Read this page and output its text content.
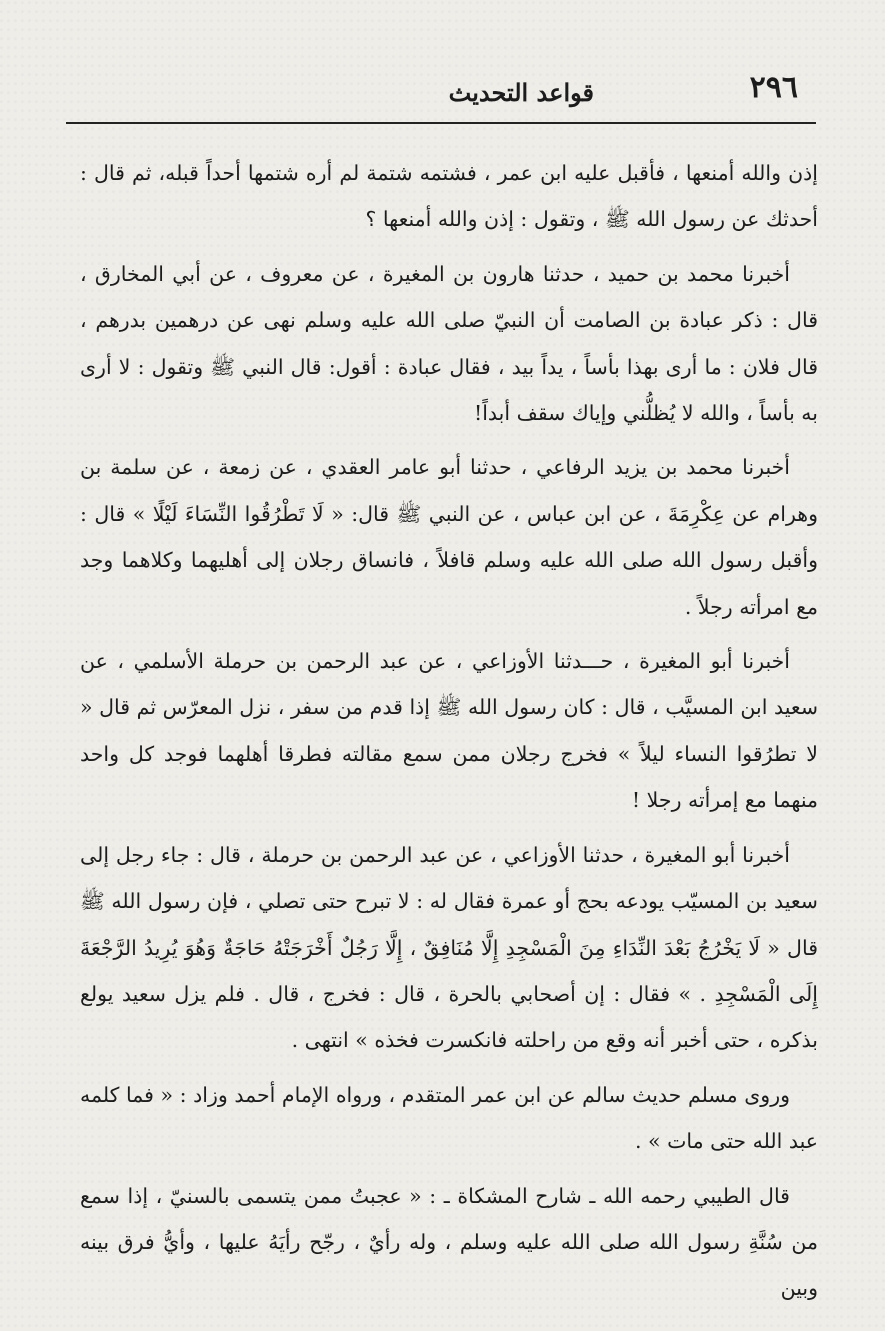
٢٩٦
قواعد التحديث

إذن والله أمنعها ، فأقبل عليه ابن عمر ، فشتمه شتمة لم أره شتمها أحداً قبله، ثم قال : أحدثك عن رسول الله ﷺ ، وتقول : إذن والله أمنعها ؟

أخبرنا محمد بن حميد ، حدثنا هارون بن المغيرة ، عن معروف ، عن أبي المخارق ، قال : ذكر عبادة بن الصامت أن النبيّ صلى الله عليه وسلم نهى عن درهمين بدرهم ، قال فلان : ما أرى بهذا بأساً ، يداً بيد ، فقال عبادة : أقول: قال النبي ﷺ وتقول : لا أرى به بأساً ، والله لا يُظلُّني وإياك سقف أبداً!

أخبرنا محمد بن يزيد الرفاعي ، حدثنا أبو عامر العقدي ، عن زمعة ، عن سلمة بن وهرام عن عِكْرِمَةَ ، عن ابن عباس ، عن النبي ﷺ قال: « لَا تَطْرُقُوا النِّسَاءَ لَيْلًا » قال : وأقبل رسول الله صلى الله عليه وسلم قافلاً ، فانساق رجلان إلى أهليهما وكلاهما وجد مع امرأته رجلاً .

أخبرنا أبو المغيرة ، حـــدثنا الأوزاعي ، عن عبد الرحمن بن حرملة الأسلمي ، عن سعيد ابن المسيَّب ، قال : كان رسول الله ﷺ إذا قدم من سفر ، نزل المعرّس ثم قال « لا تطرُقوا النساء ليلاً » فخرج رجلان ممن سمع مقالته فطرقا أهلهما فوجد كل واحد منهما مع إمرأته رجلا !

أخبرنا أبو المغيرة ، حدثنا الأوزاعي ، عن عبد الرحمن بن حرملة ، قال : جاء رجل إلى سعيد بن المسيّب يودعه بحج أو عمرة فقال له : لا تبرح حتى تصلي ، فإن رسول الله ﷺ قال « لَا يَخْرُجُ بَعْدَ النِّدَاءِ مِنَ الْمَسْجِدِ إِلَّا مُنَافِقٌ ، إِلَّا رَجُلٌ أَخْرَجَتْهُ حَاجَةٌ وَهُوَ يُرِيدُ الرَّجْعَةَ إِلَى الْمَسْجِدِ . » فقال : إن أصحابي بالحرة ، قال : فخرج ، قال . فلم يزل سعيد يولع بذكره ، حتى أخبر أنه وقع من راحلته فانكسرت فخذه » انتهى .

وروى مسلم حديث سالم عن ابن عمر المتقدم ، ورواه الإمام أحمد وزاد : « فما كلمه عبد الله حتى مات » .

قال الطيبي رحمه الله ـ شارح المشكاة ـ : « عجبتُ ممن يتسمى بالسنيّ ، إذا سمع من سُنَّةِ رسول الله صلى الله عليه وسلم ، وله رأيٌ ، رجّح رأيَهُ عليها ، وأيُّ فرق بينه وبين
